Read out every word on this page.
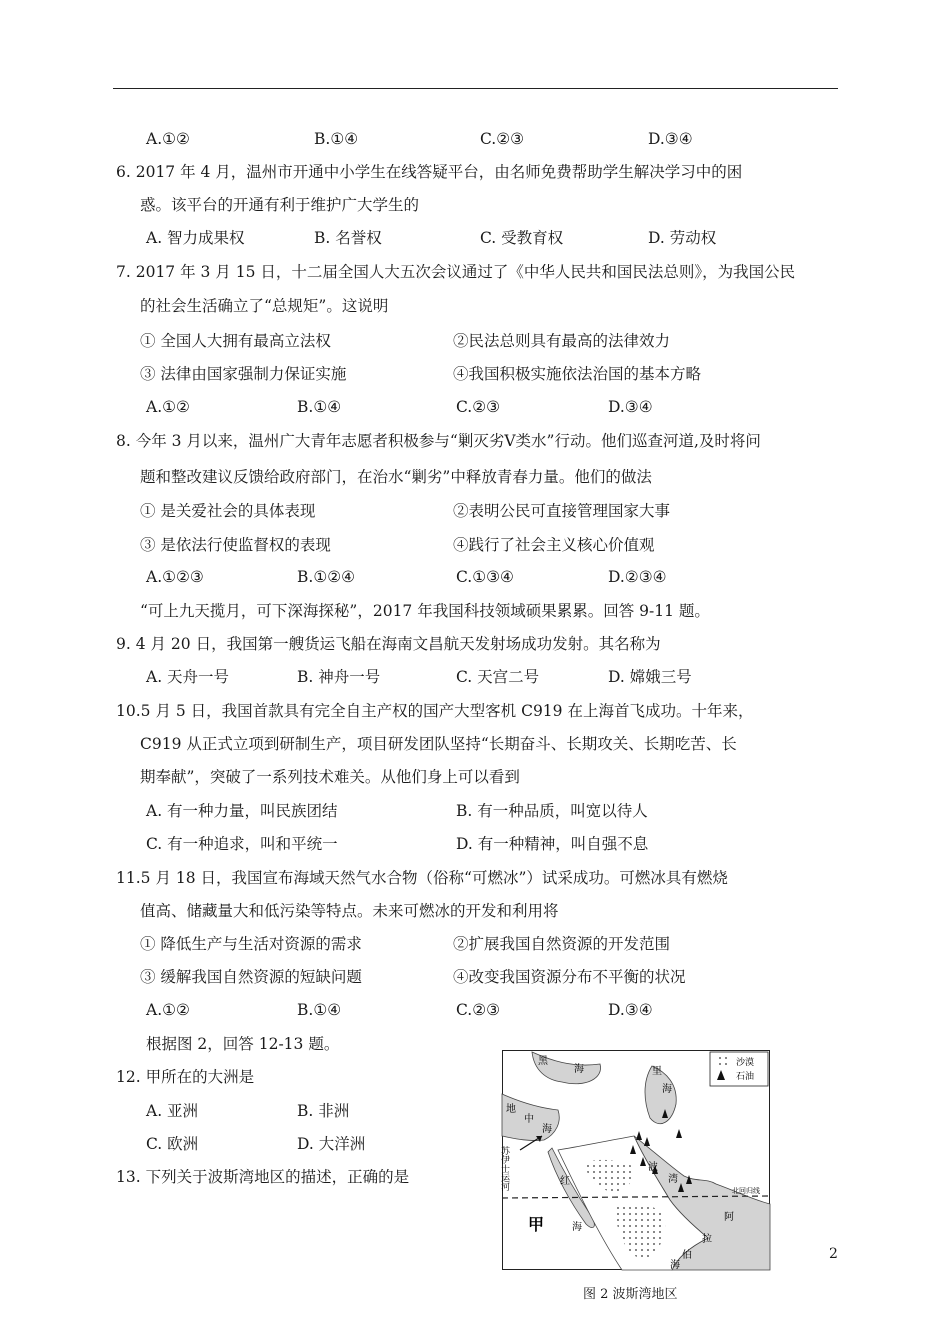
A.①②	B.①④	C.②③	D.③④
6. 2017 年 4 月，温州市开通中小学生在线答疑平台，由名师免费帮助学生解决学习中的困
惑。该平台的开通有利于维护广大学生的
A. 智力成果权	B. 名誉权	C. 受教育权	D. 劳动权
7. 2017 年 3 月 15 日，十二届全国人大五次会议通过了《中华人民共和国民法总则》，为我国公民
的社会生活确立了“总规矩”。这说明
① 全国人大拥有最高立法权	②民法总则具有最高的法律效力
③ 法律由国家强制力保证实施	④我国积极实施依法治国的基本方略
A.①②	B.①④	C.②③	D.③④
8. 今年 3 月以来，温州广大青年志愿者积极参与“剿灭劣Ⅴ类水”行动。他们巡查河道,及时将问
题和整改建议反馈给政府部门，在治水“剿劣”中释放青春力量。他们的做法
① 是关爱社会的具体表现	②表明公民可直接管理国家大事
③ 是依法行使监督权的表现	④践行了社会主义核心价值观
A.①②③	B.①②④	C.①③④	D.②③④
“可上九天揽月，可下深海探秘”，2017 年我国科技领域硕果累累。回答 9-11 题。
9. 4 月 20 日，我国第一艘货运飞船在海南文昌航天发射场成功发射。其名称为
A. 天舟一号	B. 神舟一号	C. 天宫二号	D. 嫦娥三号
10.5 月 5 日，我国首款具有完全自主产权的国产大型客机 C919 在上海首飞成功。十年来，
C919 从正式立项到研制生产，项目研发团队坚持“长期奋斗、长期攻关、长期吃苦、长
期奉献”，突破了一系列技术难关。从他们身上可以看到
A. 有一种力量，叫民族团结	B. 有一种品质，叫宽以待人
C. 有一种追求，叫和平统一	D. 有一种精神，叫自强不息
11.5 月 18 日，我国宣布海域天然气水合物（俗称“可燃冰”）试采成功。可燃冰具有燃烧
值高、储藏量大和低污染等特点。未来可燃冰的开发和利用将
① 降低生产与生活对资源的需求	②扩展我国自然资源的开发范围
③ 缓解我国自然资源的短缺问题	④改变我国资源分布不平衡的状况
A.①②	B.①④	C.②③	D.③④
根据图 2，回答 12-13 题。
12. 甲所在的大洲是
A. 亚洲	B. 非洲
C. 欧洲	D. 大洋洲
13. 下列关于波斯湾地区的描述，正确的是
沙漠
石油
甲
黑
海	里
海
地
中
海
苏伊士运河	红
海
波
湾
北回归线
阿
拉
伯
海
图 2 波斯湾地区
2
